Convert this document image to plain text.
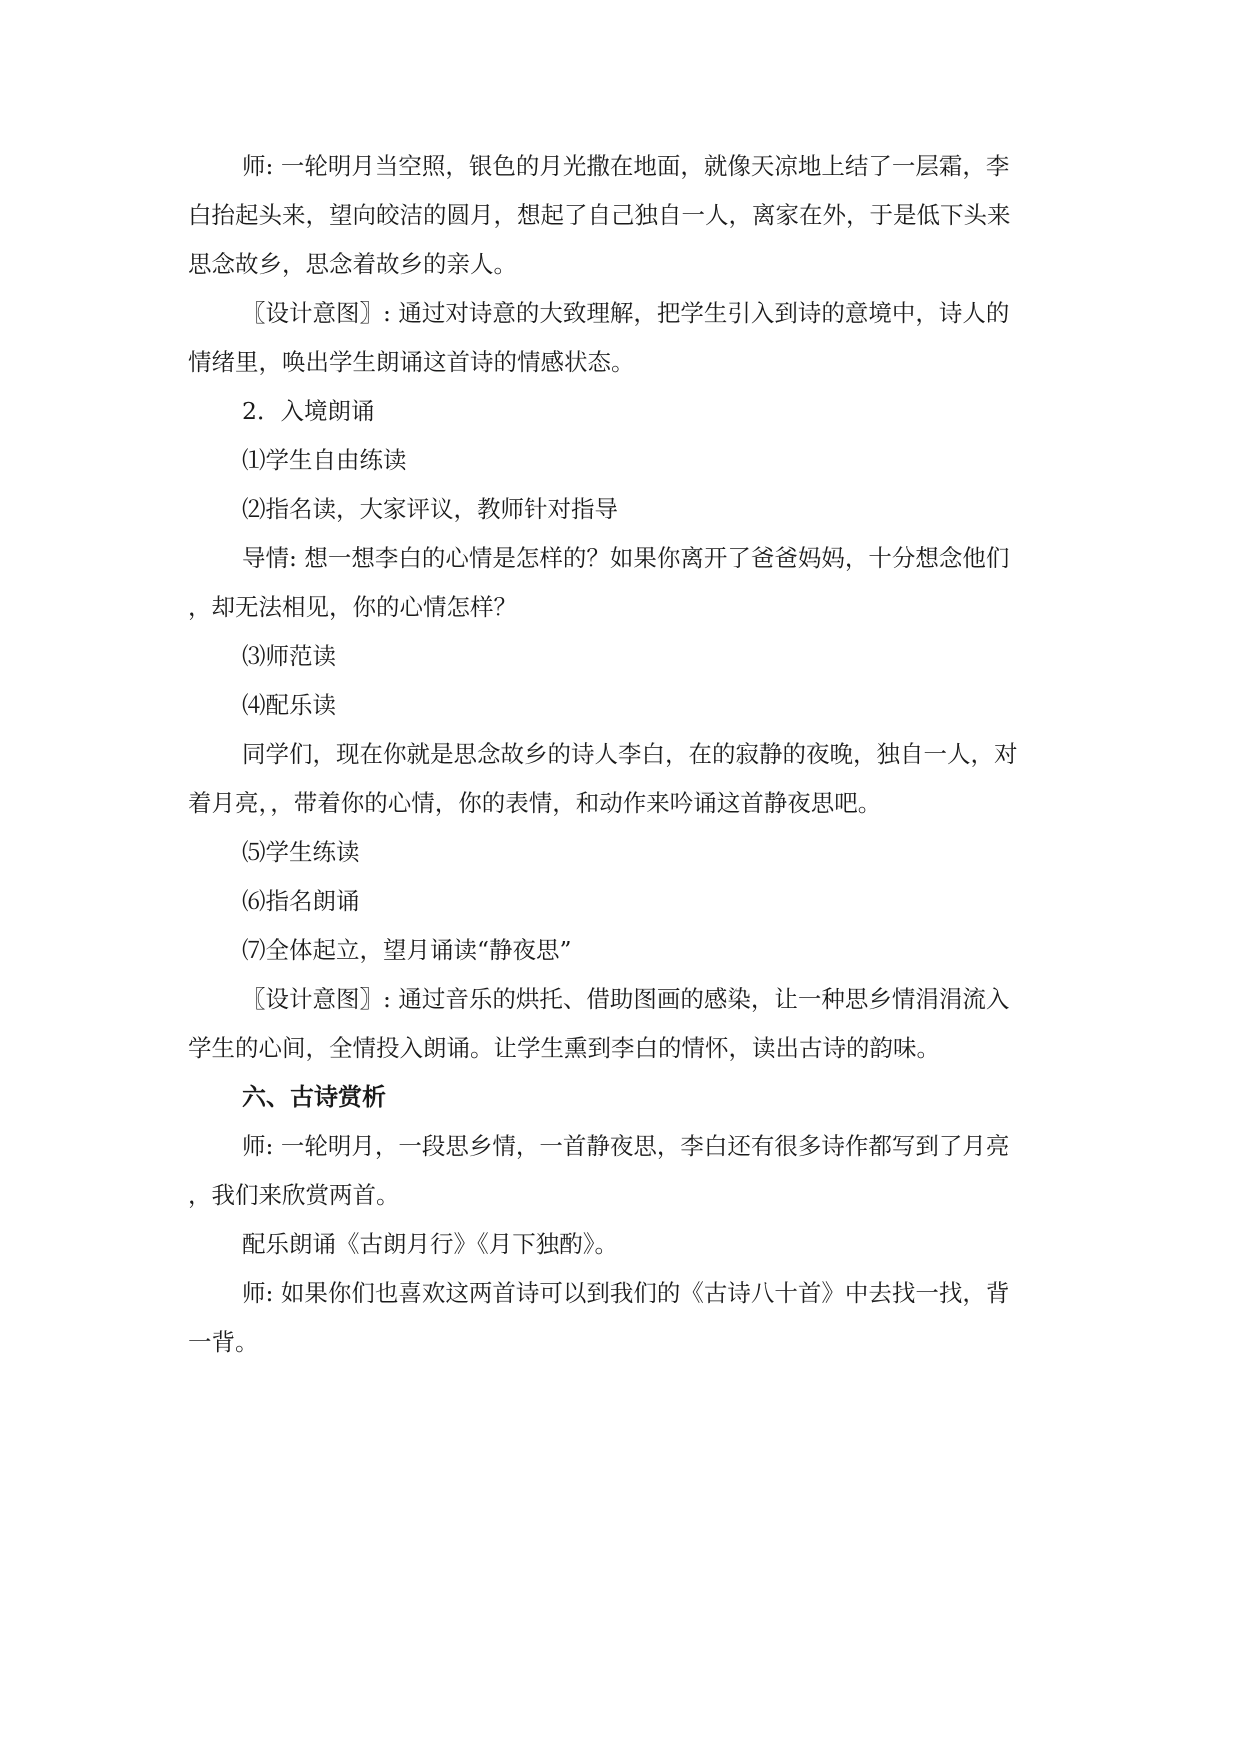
师: 一轮明月当空照，银色的月光撒在地面，就像天凉地上结了一层霜，李

白抬起头来，望向皎洁的圆月，想起了自己独自一人，离家在外，于是低下头来

思念故乡，思念着故乡的亲人。

〖设计意图〗: 通过对诗意的大致理解，把学生引入到诗的意境中，诗人的

情绪里，唤出学生朗诵这首诗的情感状态。

2．入境朗诵

⑴学生自由练读

⑵指名读，大家评议，教师针对指导

导情: 想一想李白的心情是怎样的？如果你离开了爸爸妈妈，十分想念他们

，却无法相见，你的心情怎样？

⑶师范读

⑷配乐读

同学们，现在你就是思念故乡的诗人李白，在的寂静的夜晚，独自一人，对

着月亮，，带着你的心情，你的表情，和动作来吟诵这首静夜思吧。

⑸学生练读

⑹指名朗诵

⑺全体起立，望月诵读“静夜思”

〖设计意图〗: 通过音乐的烘托、借助图画的感染，让一种思乡情涓涓流入

学生的心间，全情投入朗诵。让学生熏到李白的情怀，读出古诗的韵味。

六、古诗赏析

师: 一轮明月，一段思乡情，一首静夜思，李白还有很多诗作都写到了月亮

，我们来欣赏两首。

配乐朗诵《古朗月行》《月下独酌》。

师: 如果你们也喜欢这两首诗可以到我们的《古诗八十首》中去找一找，背

一背。
